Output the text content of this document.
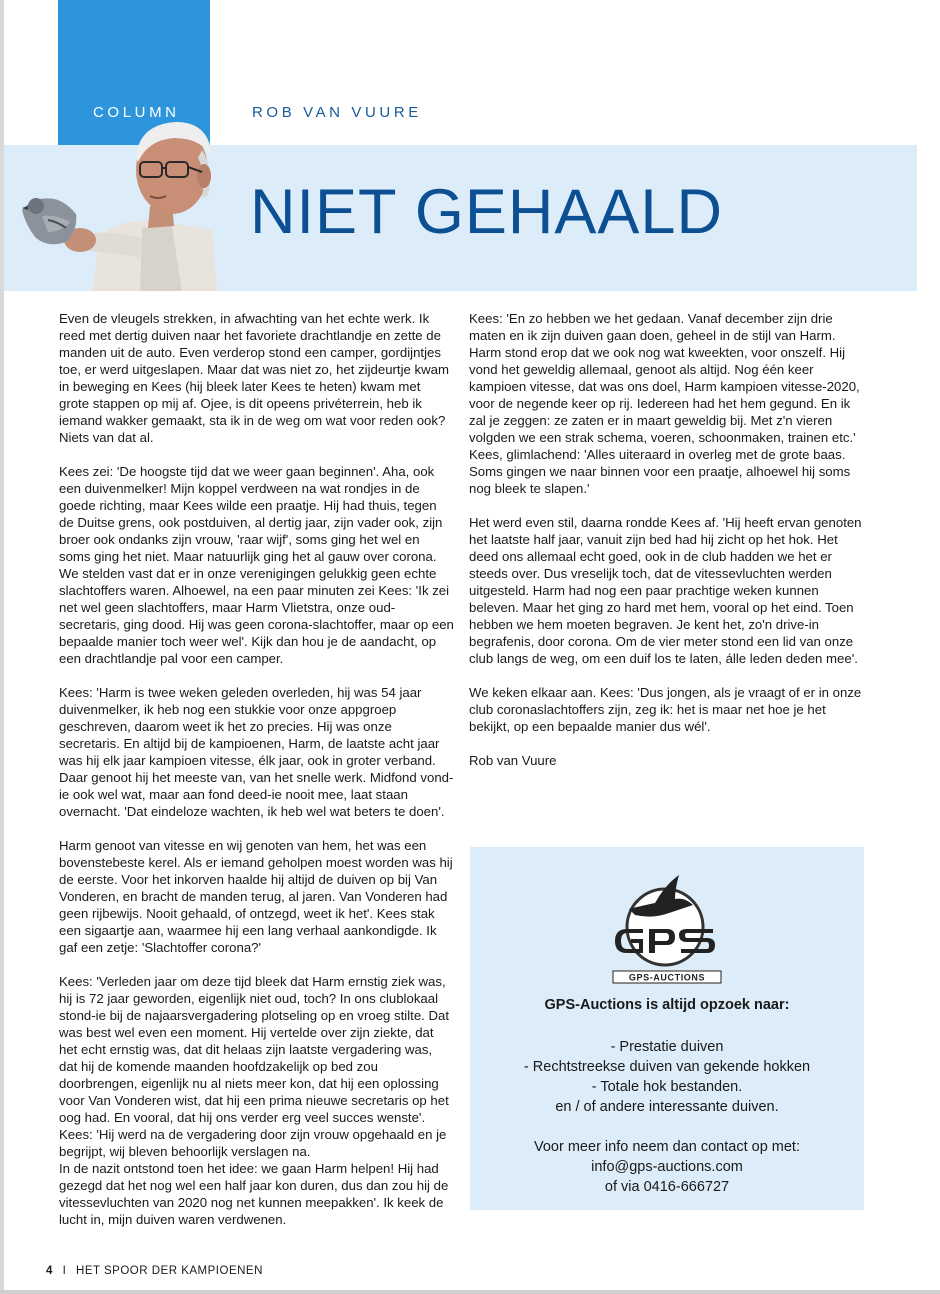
COLUMN	ROB VAN VUURE
NIET GEHAALD

Even de vleugels strekken, in afwachting van het echte werk. Ik reed met dertig duiven naar het favoriete drachtlandje en zette de manden uit de auto. Even verderop stond een camper, gordijntjes toe, er werd uitgeslapen. Maar dat was niet zo, het zijdeurtje kwam in beweging en Kees (hij bleek later Kees te heten) kwam met grote stappen op mij af. Ojee, is dit opeens privéterrein, heb ik iemand wakker gemaakt, sta ik in de weg om wat voor reden ook? Niets van dat al.

Kees zei: 'De hoogste tijd dat we weer gaan beginnen'. Aha, ook een duivenmelker! Mijn koppel verdween na wat rondjes in de goede richting, maar Kees wilde een praatje. Hij had thuis, tegen de Duitse grens, ook postduiven, al dertig jaar, zijn vader ook, zijn broer ook ondanks zijn vrouw, 'raar wijf', soms ging het wel en soms ging het niet. Maar natuurlijk ging het al gauw over corona. We stelden vast dat er in onze verenigingen gelukkig geen echte slachtoffers waren. Alhoewel, na een paar minuten zei Kees: 'Ik zei net wel geen slachtoffers, maar Harm Vlietstra, onze oud-secretaris, ging dood. Hij was geen corona-slachtoffer, maar op een bepaalde manier toch weer wel'. Kijk dan hou je de aandacht, op een drachtlandje pal voor een camper.

Kees: 'Harm is twee weken geleden overleden, hij was 54 jaar duivenmelker, ik heb nog een stukkie voor onze appgroep geschreven, daarom weet ik het zo precies. Hij was onze secretaris. En altijd bij de kampioenen, Harm, de laatste acht jaar was hij elk jaar kampioen vitesse, élk jaar, ook in groter verband. Daar genoot hij het meeste van, van het snelle werk. Midfond vond-ie ook wel wat, maar aan fond deed-ie nooit mee, laat staan overnacht. 'Dat eindeloze wachten, ik heb wel wat beters te doen'.

Harm genoot van vitesse en wij genoten van hem, het was een bovenstebeste kerel. Als er iemand geholpen moest worden was hij de eerste. Voor het inkorven haalde hij altijd de duiven op bij Van Vonderen, en bracht de manden terug, al jaren. Van Vonderen had geen rijbewijs. Nooit gehaald, of ontzegd, weet ik het'. Kees stak een sigaartje aan, waarmee hij een lang verhaal aankondigde. Ik gaf een zetje: 'Slachtoffer corona?'

Kees: 'Verleden jaar om deze tijd bleek dat Harm ernstig ziek was, hij is 72 jaar geworden, eigenlijk niet oud, toch? In ons clublokaal stond-ie bij de najaarsvergadering plotseling op en vroeg stilte. Dat was best wel even een moment. Hij vertelde over zijn ziekte, dat het echt ernstig was, dat dit helaas zijn laatste vergadering was, dat hij de komende maanden hoofdzakelijk op bed zou doorbrengen, eigenlijk nu al niets meer kon, dat hij een oplossing voor Van Vonderen wist, dat hij een prima nieuwe secretaris op het oog had. En vooral, dat hij ons verder erg veel succes wenste'.

Kees: 'Hij werd na de vergadering door zijn vrouw opgehaald en je begrijpt, wij bleven behoorlijk verslagen na.

In de nazit ontstond toen het idee: we gaan Harm helpen! Hij had gezegd dat het nog wel een half jaar kon duren, dus dan zou hij de vitessevluchten van 2020 nog net kunnen meepakken'. Ik keek de lucht in, mijn duiven waren verdwenen.

Kees: 'En zo hebben we het gedaan. Vanaf december zijn drie maten en ik zijn duiven gaan doen, geheel in de stijl van Harm. Harm stond erop dat we ook nog wat kweekten, voor onszelf. Hij vond het geweldig allemaal, genoot als altijd. Nog één keer kampioen vitesse, dat was ons doel, Harm kampioen vitesse-2020, voor de negende keer op rij. Iedereen had het hem gegund. En ik zal je zeggen: ze zaten er in maart geweldig bij. Met z'n vieren volgden we een strak schema, voeren, schoonmaken, trainen etc.' Kees, glimlachend: 'Alles uiteraard in overleg met de grote baas. Soms gingen we naar binnen voor een praatje, alhoewel hij soms nog bleek te slapen.'

Het werd even stil, daarna rondde Kees af. 'Hij heeft ervan genoten het laatste half jaar, vanuit zijn bed had hij zicht op het hok. Het deed ons allemaal echt goed, ook in de club hadden we het er steeds over. Dus vreselijk toch, dat de vitessevluchten werden uitgesteld. Harm had nog een paar prachtige weken kunnen beleven. Maar het ging zo hard met hem, vooral op het eind. Toen hebben we hem moeten begraven. Je kent het, zo'n drive-in begrafenis, door corona. Om de vier meter stond een lid van onze club langs de weg, om een duif los te laten, álle leden deden mee'.

We keken elkaar aan. Kees: 'Dus jongen, als je vraagt of er in onze club coronaslachtoffers zijn, zeg ik: het is maar net hoe je het bekijkt, op een bepaalde manier dus wél'.

Rob van Vuure

GPS-AUCTIONS
GPS-Auctions is altijd opzoek naar:
- Prestatie duiven
- Rechtstreekse duiven van gekende hokken
- Totale hok bestanden.
en / of andere interessante duiven.
Voor meer info neem dan contact op met:
info@gps-auctions.com
of via 0416-666727
4 I HET SPOOR DER KAMPIOENEN
